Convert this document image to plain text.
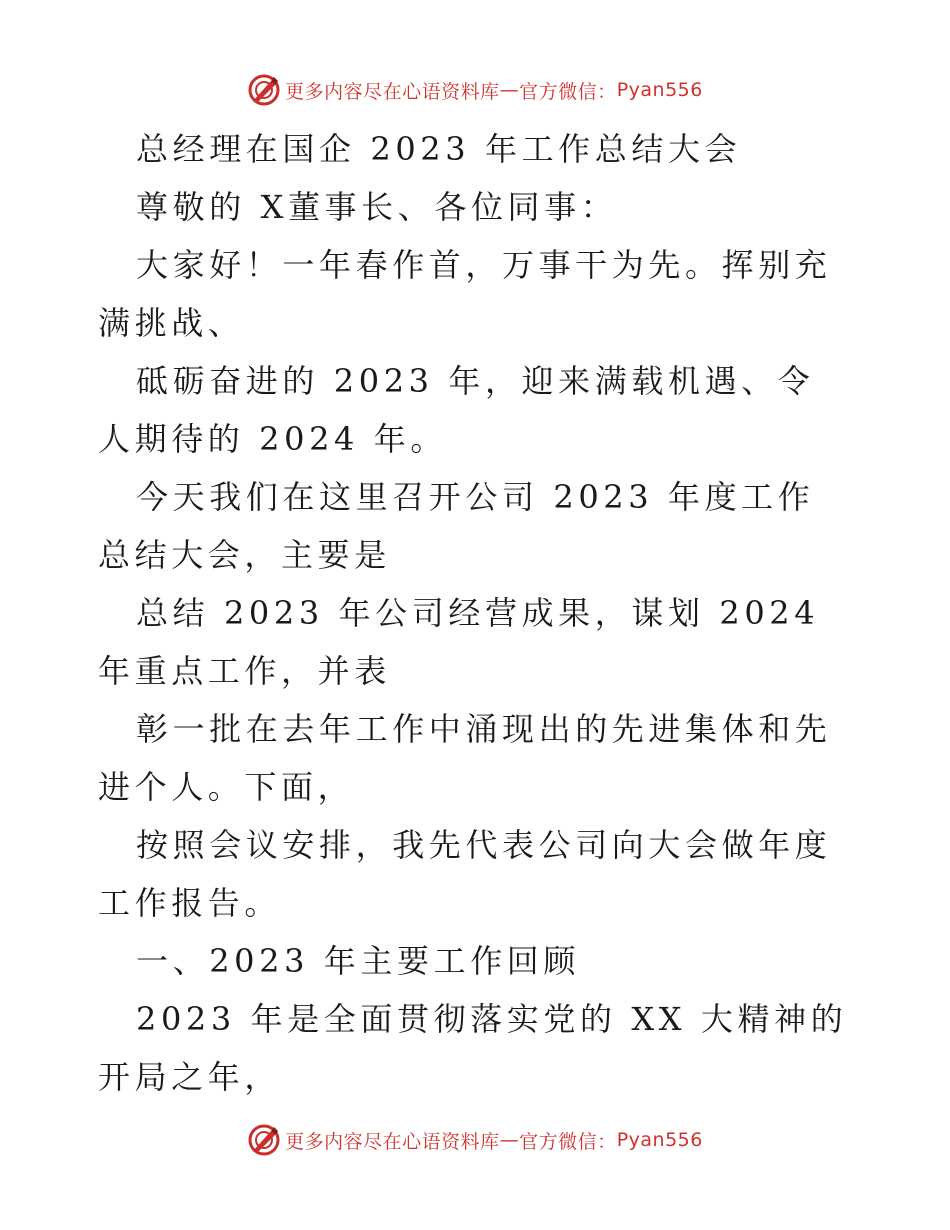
更多内容尽在心语资料库 — 官方微信： Pyan556

总经理在国企 2023 年工作总结大会

尊敬的 X董事长、各位同事：

大家好！一年春作首，万事干为先。挥别充满挑战、

砥砺奋进的 2023 年，迎来满载机遇、令人期待的 2024 年。

今天我们在这里召开公司 2023 年度工作总结大会，主要是

总结 2023 年公司经营成果，谋划 2024 年重点工作，并表

彰一批在去年工作中涌现出的先进集体和先进个人。下面，

按照会议安排，我先代表公司向大会做年度工作报告。

一、2023 年主要工作回顾

2023 年是全面贯彻落实党的 XX 大精神的开局之年，

更多内容尽在心语资料库 — 官方微信： Pyan556
